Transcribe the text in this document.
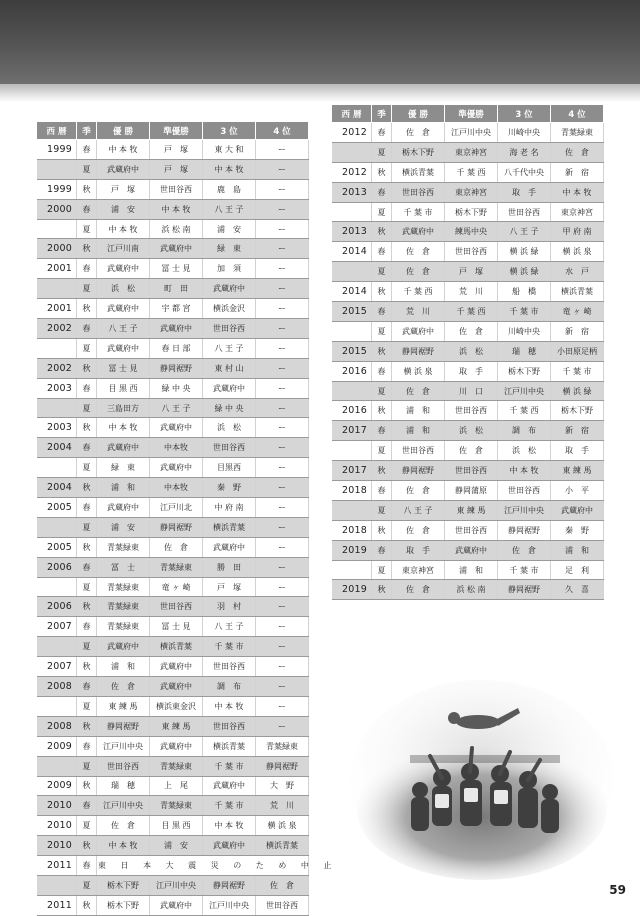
西 暦	季	優 勝	準優勝	3 位	4 位
1999	春	中 本 牧	戸　塚	東 大 和	ー
	夏	武蔵府中	戸　塚	中 本 牧	ー
1999	秋	戸　塚	世田谷西	鹿　島	ー
2000	春	浦　安	中 本 牧	八 王 子	ー
	夏	中 本 牧	浜 松 南	浦　安	ー
2000	秋	江戸川南	武蔵府中	緑　東	ー
2001	春	武蔵府中	冨 士 見	加　須	ー
	夏	浜　松	町　田	武蔵府中	ー
2001	秋	武蔵府中	宇 都 宮	横浜金沢	ー
2002	春	八 王 子	武蔵府中	世田谷西	ー
	夏	武蔵府中	春 日 部	八 王 子	ー
2002	秋	冨 士 見	静岡裾野	東 村 山	ー
2003	春	目 黒 西	緑 中 央	武蔵府中	ー
	夏	三島田方	八 王 子	緑 中 央	ー
2003	秋	中 本 牧	武蔵府中	浜　松	ー
2004	春	武蔵府中	中本牧	世田谷西	ー
	夏	緑　東	武蔵府中	目黒西	ー
2004	秋	浦　和	中本牧	秦　野	ー
2005	春	武蔵府中	江戸川北	中 府 南	ー
	夏	浦　安	静岡裾野	横浜青葉	ー
2005	秋	青葉緑東	佐　倉	武蔵府中	ー
2006	春	冨　士	青葉緑東	勝　田	ー
	夏	青葉緑東	竜 ヶ 崎	戸　塚	ー
2006	秋	青葉緑東	世田谷西	羽　村	ー
2007	春	青葉緑東	冨 士 見	八 王 子	ー
	夏	武蔵府中	横浜青葉	千 葉 市	ー
2007	秋	浦　和	武蔵府中	世田谷西	ー
2008	春	佐　倉	武蔵府中	調　布	ー
	夏	東 練 馬	横浜東金沢	中 本 牧	ー
2008	秋	静岡裾野	東 練 馬	世田谷西	ー
2009	春	江戸川中央	武蔵府中	横浜青葉	青葉緑東
	夏	世田谷西	青葉緑東	千 葉 市	静岡裾野
2009	秋	瑞　穂	上　尾	武蔵府中	大　野
2010	春	江戸川中央	青葉緑東	千 葉 市	荒　川
2010	夏	佐　倉	目 黒 西	中 本 牧	横 浜 泉
2010	秋	中 本 牧	浦　安	武蔵府中	横浜青葉
2011	春	東 日 本 大 震 災 の た め 中 止			
	夏	栃木下野	江戸川中央	静岡裾野	佐　倉
2011	秋	栃木下野	武蔵府中	江戸川中央	世田谷西
西 暦	季	優 勝	準優勝	3 位	4 位
2012	春	佐　倉	江戸川中央	川崎中央	青葉緑東
	夏	栃木下野	東京神宮	海 老 名	佐　倉
2012	秋	横浜青葉	千 葉 西	八千代中央	新　宿
2013	春	世田谷西	東京神宮	取　手	中 本 牧
	夏	千 葉 市	栃木下野	世田谷西	東京神宮
2013	秋	武蔵府中	練馬中央	八 王 子	甲 府 南
2014	春	佐　倉	世田谷西	横 浜 緑	横 浜 泉
	夏	佐　倉	戸　塚	横 浜 緑	水　戸
2014	秋	千 葉 西	荒　川	船　橋	横浜青葉
2015	春	荒　川	千 葉 西	千 葉 市	竜 ヶ 崎
	夏	武蔵府中	佐　倉	川崎中央	新　宿
2015	秋	静岡裾野	浜　松	瑞　穂	小田原足柄
2016	春	横 浜 泉	取　手	栃木下野	千 葉 市
	夏	佐　倉	川　口	江戸川中央	横 浜 緑
2016	秋	浦　和	世田谷西	千 葉 西	栃木下野
2017	春	浦　和	浜　松	調　布	新　宿
	夏	世田谷西	佐　倉	浜　松	取　手
2017	秋	静岡裾野	世田谷西	中 本 牧	東 練 馬
2018	春	佐　倉	静岡蒲原	世田谷西	小　平
	夏	八 王 子	東 練 馬	江戸川中央	武蔵府中
2018	秋	佐　倉	世田谷西	静岡裾野	秦　野
2019	春	取　手	武蔵府中	佐　倉	浦　和
	夏	東京神宮	浦　和	千 葉 市	足　利
2019	秋	佐　倉	浜 松 南	静岡裾野	久　喜
59
